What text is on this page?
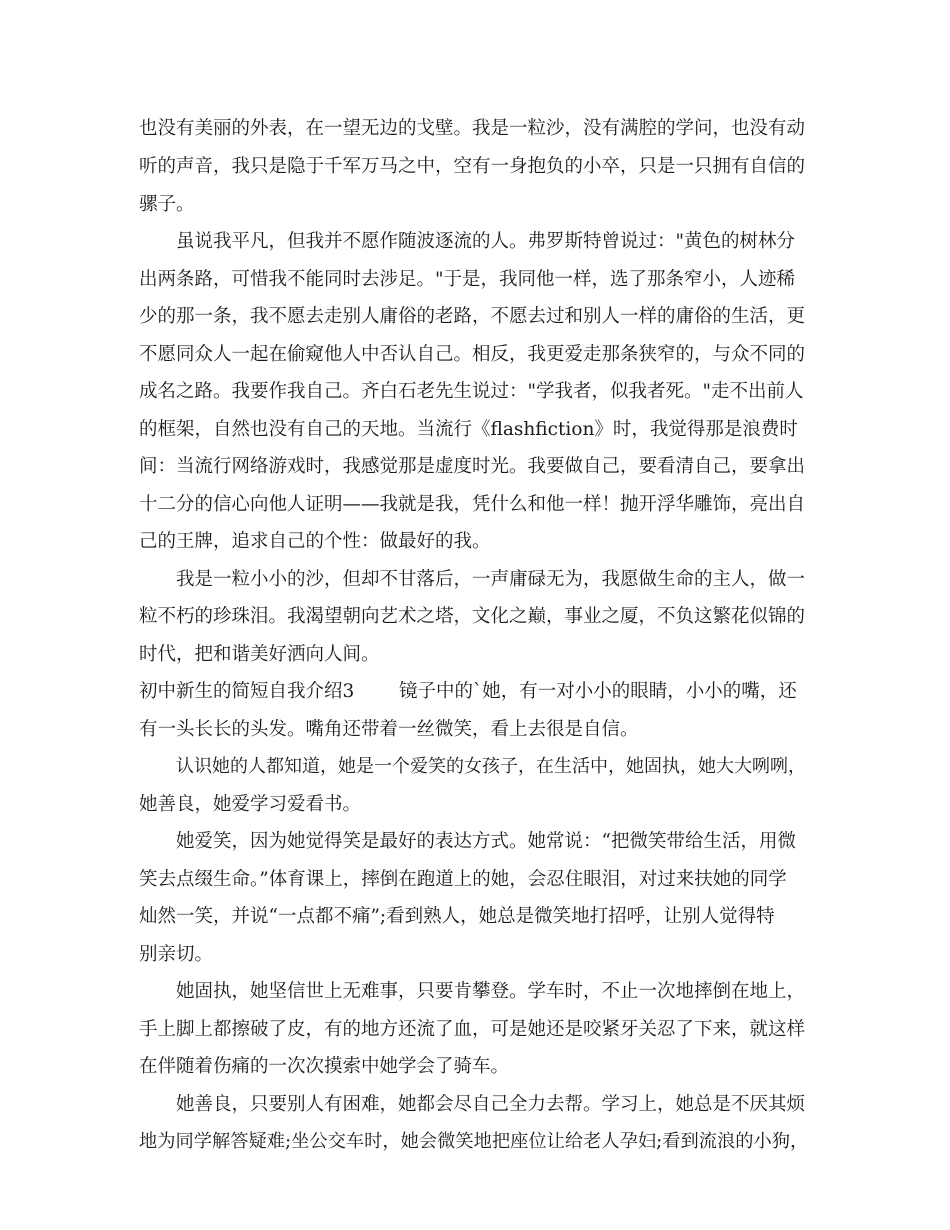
也没有美丽的外表，在一望无边的戈壁。我是一粒沙，没有满腔的学问，也没有动

听的声音，我只是隐于千军万马之中，空有一身抱负的小卒，只是一只拥有自信的

骡子。

虽说我平凡，但我并不愿作随波逐流的人。弗罗斯特曾说过："黄色的树林分

出两条路，可惜我不能同时去涉足。"于是，我同他一样，选了那条窄小，人迹稀

少的那一条，我不愿去走别人庸俗的老路，不愿去过和别人一样的庸俗的生活，更

不愿同众人一起在偷窥他人中否认自己。相反，我更爱走那条狭窄的，与众不同的

成名之路。我要作我自己。齐白石老先生说过："学我者，似我者死。"走不出前人

的框架，自然也没有自己的天地。当流行《flashfiction》时，我觉得那是浪费时

间：当流行网络游戏时，我感觉那是虚度时光。我要做自己，要看清自己，要拿出

十二分的信心向他人证明——我就是我，凭什么和他一样！抛开浮华雕饰，亮出自

己的王牌，追求自己的个性：做最好的我。

我是一粒小小的沙，但却不甘落后，一声庸碌无为，我愿做生命的主人，做一

粒不朽的珍珠泪。我渴望朝向艺术之塔，文化之巅，事业之厦，不负这繁花似锦的

时代，把和谐美好洒向人间。

初中新生的简短自我介绍3

镜子中的`她，有一对小小的眼睛，小小的嘴，还

有一头长长的头发。嘴角还带着一丝微笑，看上去很是自信。

认识她的人都知道，她是一个爱笑的女孩子，在生活中，她固执，她大大咧咧，

她善良，她爱学习爱看书。

她爱笑，因为她觉得笑是最好的表达方式。她常说：“把微笑带给生活，用微

笑去点缀生命。”体育课上，摔倒在跑道上的她，会忍住眼泪，对过来扶她的同学

灿然一笑，并说“一点都不痛”;看到熟人，她总是微笑地打招呼，让别人觉得特

别亲切。

她固执，她坚信世上无难事，只要肯攀登。学车时，不止一次地摔倒在地上，

手上脚上都擦破了皮，有的地方还流了血，可是她还是咬紧牙关忍了下来，就这样

在伴随着伤痛的一次次摸索中她学会了骑车。

她善良，只要别人有困难，她都会尽自己全力去帮。学习上，她总是不厌其烦

地为同学解答疑难;坐公交车时，她会微笑地把座位让给老人孕妇;看到流浪的小狗，
